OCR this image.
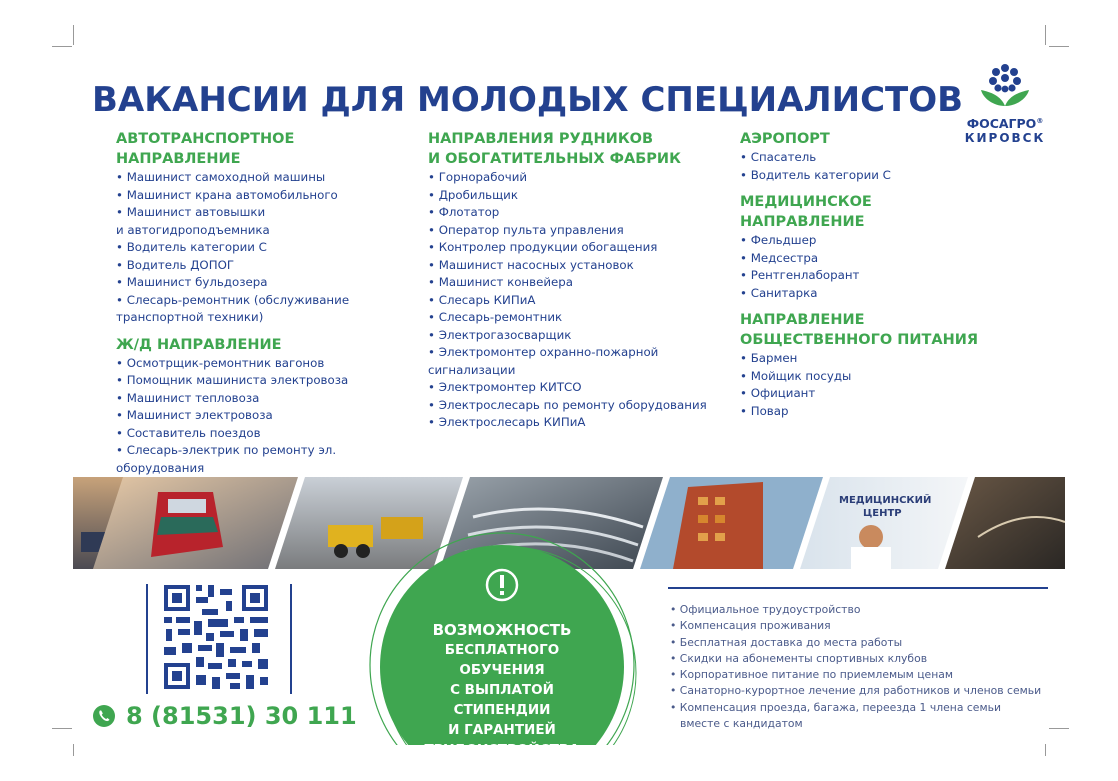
ВАКАНСИИ ДЛЯ МОЛОДЫХ СПЕЦИАЛИСТОВ
ФОСАГРО®
КИРОВСК

АВТОТРАНСПОРТНОЕ НАПРАВЛЕНИЕ

• Машинист самоходной машины

• Машинист крана автомобильного

• Машинист автовышки

и автогидроподъемника

• Водитель категории С

• Водитель ДОПОГ

• Машинист бульдозера

• Слесарь-ремонтник (обслуживание

транспортной техники)

Ж/Д НАПРАВЛЕНИЕ

• Осмотрщик-ремонтник вагонов

• Помощник машиниста электровоза

• Машинист тепловоза

• Машинист электровоза

• Составитель поездов

• Слесарь-электрик по ремонту эл.

оборудования

НАПРАВЛЕНИЯ РУДНИКОВ

И ОБОГАТИТЕЛЬНЫХ ФАБРИК

• Горнорабочий

• Дробильщик

• Флотатор

• Оператор пульта управления

• Контролер продукции обогащения

• Машинист насосных установок

• Машинист конвейера

• Слесарь КИПиА

• Слесарь-ремонтник

• Электрогазосварщик

• Электромонтер охранно-пожарной

сигнализации

• Электромонтер КИТСО

• Электрослесарь по ремонту оборудования

• Электрослесарь КИПиА

АЭРОПОРТ

• Спасатель

• Водитель категории С

МЕДИЦИНСКОЕ НАПРАВЛЕНИЕ

• Фельдшер

• Медсестра

• Рентгенлаборант

• Санитарка

НАПРАВЛЕНИЕ

ОБЩЕСТВЕННОГО ПИТАНИЯ

• Бармен

• Мойщик посуды

• Официант

• Повар

МЕДИЦИНСКИЙ
ЦЕНТР
8 (81531) 30 111
ВОЗМОЖНОСТЬ
БЕСПЛАТНОГО ОБУЧЕНИЯ
С ВЫПЛАТОЙ СТИПЕНДИИ
И ГАРАНТИЕЙ

• Официальное трудоустройство

• Компенсация проживания

• Бесплатная доставка до места работы

• Скидки на абонементы спортивных клубов

• Корпоративное питание по приемлемым ценам

• Санаторно-курортное лечение для работников и членов семьи

• Компенсация проезда, багажа, переезда 1 члена семьи

вместе с кандидатом
